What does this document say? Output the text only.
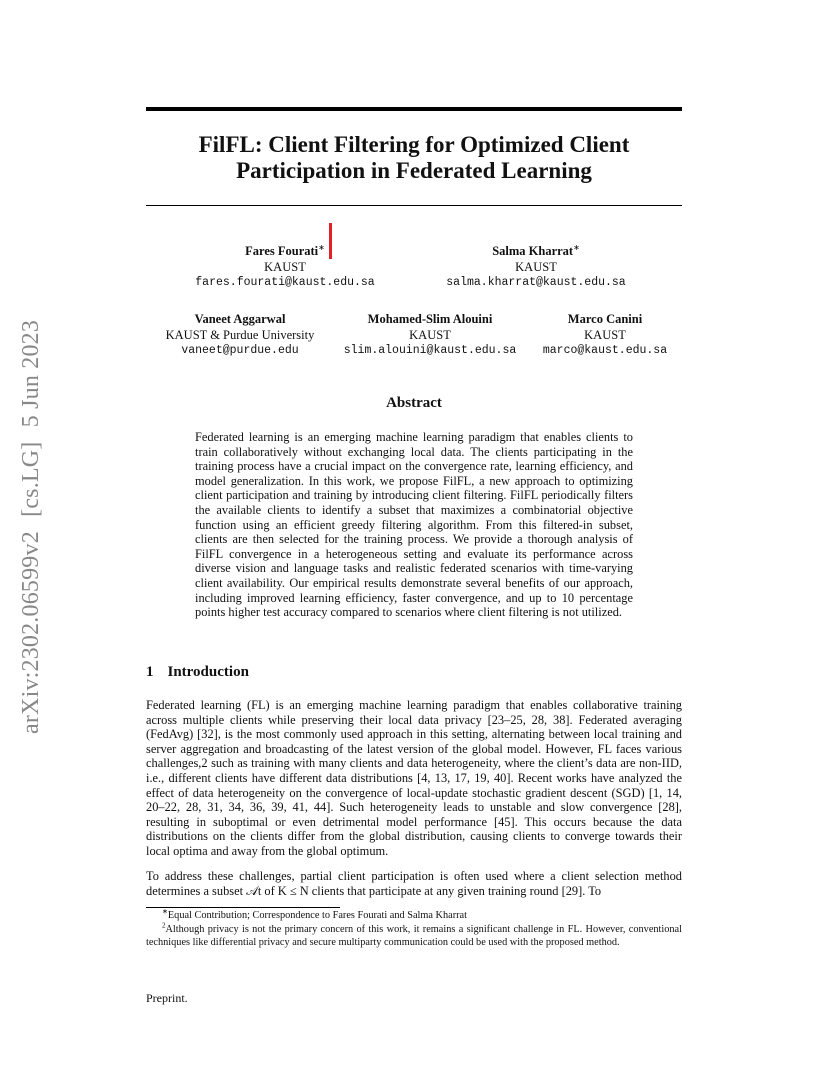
arXiv:2302.06599v2 [cs.LG] 5 Jun 2023
FilFL: Client Filtering for Optimized Client
Participation in Federated Learning
Fares Fourati∗
KAUST
fares.fourati@kaust.edu.sa
Salma Kharrat∗
KAUST
salma.kharrat@kaust.edu.sa
Vaneet Aggarwal
KAUST & Purdue University
vaneet@purdue.edu
Mohamed-Slim Alouini
KAUST
slim.alouini@kaust.edu.sa
Marco Canini
KAUST
marco@kaust.edu.sa
Abstract

Federated learning is an emerging machine learning paradigm that enables clients to train collaboratively without exchanging local data. The clients participating in the training process have a crucial impact on the convergence rate, learning efficiency, and model generalization. In this work, we propose FilFL, a new approach to optimizing client participation and training by introducing client filtering. FilFL periodically filters the available clients to identify a subset that maximizes a combinatorial objective function using an efficient greedy filtering algorithm. From this filtered-in subset, clients are then selected for the training process. We provide a thorough analysis of FilFL convergence in a heterogeneous setting and evaluate its performance across diverse vision and language tasks and realistic federated scenarios with time-varying client availability. Our empirical results demonstrate several benefits of our approach, including improved learning efficiency, faster convergence, and up to 10 percentage points higher test accuracy compared to scenarios where client filtering is not utilized.

1 Introduction

Federated learning (FL) is an emerging machine learning paradigm that enables collaborative training across multiple clients while preserving their local data privacy [23–25, 28, 38]. Federated averaging (FedAvg) [32], is the most commonly used approach in this setting, alternating between local training and server aggregation and broadcasting of the latest version of the global model. However, FL faces various challenges,2 such as training with many clients and data heterogeneity, where the client’s data are non-IID, i.e., different clients have different data distributions [4, 13, 17, 19, 40]. Recent works have analyzed the effect of data heterogeneity on the convergence of local-update stochastic gradient descent (SGD) [1, 14, 20–22, 28, 31, 34, 36, 39, 41, 44]. Such heterogeneity leads to unstable and slow convergence [28], resulting in suboptimal or even detrimental model performance [45]. This occurs because the data distributions on the clients differ from the global distribution, causing clients to converge towards their local optima and away from the global optimum.

To address these challenges, partial client participation is often used where a client selection method determines a subset 𝒜t of K ≤ N clients that participate at any given training round [29]. To

∗Equal Contribution; Correspondence to Fares Fourati and Salma Kharrat
$^2$Although privacy is not the primary concern of this work, it remains a significant challenge in FL. However, conventional techniques like differential privacy and secure multiparty communication could be used with the proposed method.
Preprint.
